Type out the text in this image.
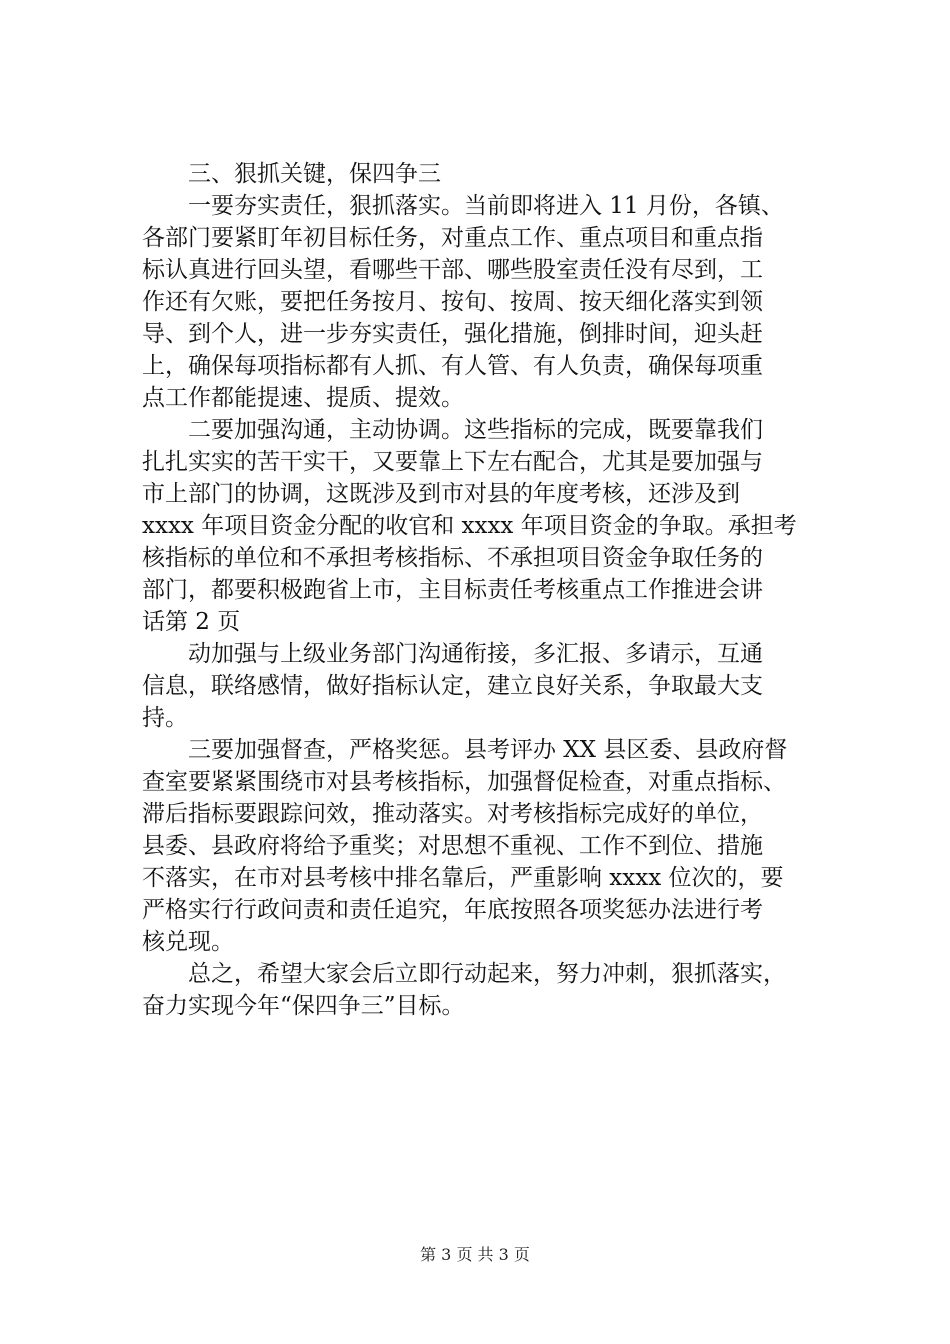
三、狠抓关键，保四争三
一要夯实责任，狠抓落实。当前即将进入 11 月份，各镇、
各部门要紧盯年初目标任务，对重点工作、重点项目和重点指
标认真进行回头望，看哪些干部、哪些股室责任没有尽到，工
作还有欠账，要把任务按月、按旬、按周、按天细化落实到领
导、到个人，进一步夯实责任，强化措施，倒排时间，迎头赶
上，确保每项指标都有人抓、有人管、有人负责，确保每项重
点工作都能提速、提质、提效。
二要加强沟通，主动协调。这些指标的完成，既要靠我们
扎扎实实的苦干实干，又要靠上下左右配合，尤其是要加强与
市上部门的协调，这既涉及到市对县的年度考核，还涉及到
xxxx 年项目资金分配的收官和 xxxx 年项目资金的争取。承担考
核指标的单位和不承担考核指标、不承担项目资金争取任务的
部门，都要积极跑省上市，主目标责任考核重点工作推进会讲
话第 2 页
动加强与上级业务部门沟通衔接，多汇报、多请示，互通
信息，联络感情，做好指标认定，建立良好关系，争取最大支
持。
三要加强督查，严格奖惩。县考评办 XX 县区委、县政府督
查室要紧紧围绕市对县考核指标，加强督促检查，对重点指标、
滞后指标要跟踪问效，推动落实。对考核指标完成好的单位，
县委、县政府将给予重奖；对思想不重视、工作不到位、措施
不落实，在市对县考核中排名靠后，严重影响 xxxx 位次的，要
严格实行行政问责和责任追究，年底按照各项奖惩办法进行考
核兑现。
总之，希望大家会后立即行动起来，努力冲刺，狠抓落实，
奋力实现今年“保四争三”目标。
第 3 页 共 3 页
